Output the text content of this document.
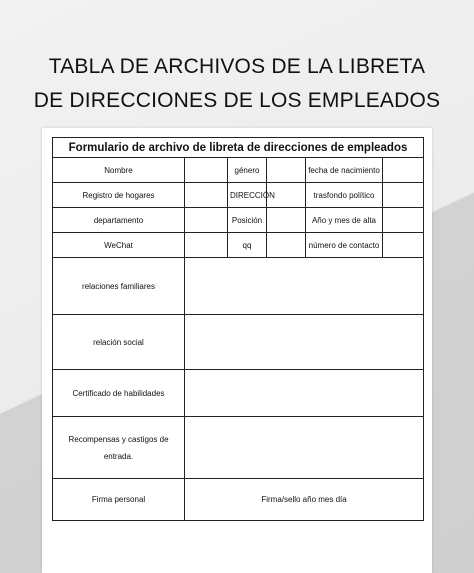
TABLA DE ARCHIVOS DE LA LIBRETA
DE DIRECCIONES DE LOS EMPLEADOS
Formulario de archivo de libreta de direcciones de empleados					
Nombre		género		fecha de nacimiento	
Registro de hogares		DIRECCIÓN		trasfondo político	
departamento		Posición		Año y mes de alta	
WeChat		qq		número de contacto	
relaciones familiares					
relación social					
Certificado de habilidades					
Recompensas y castigos de entrada.					
Firma personal	Firma/sello año mes día				
